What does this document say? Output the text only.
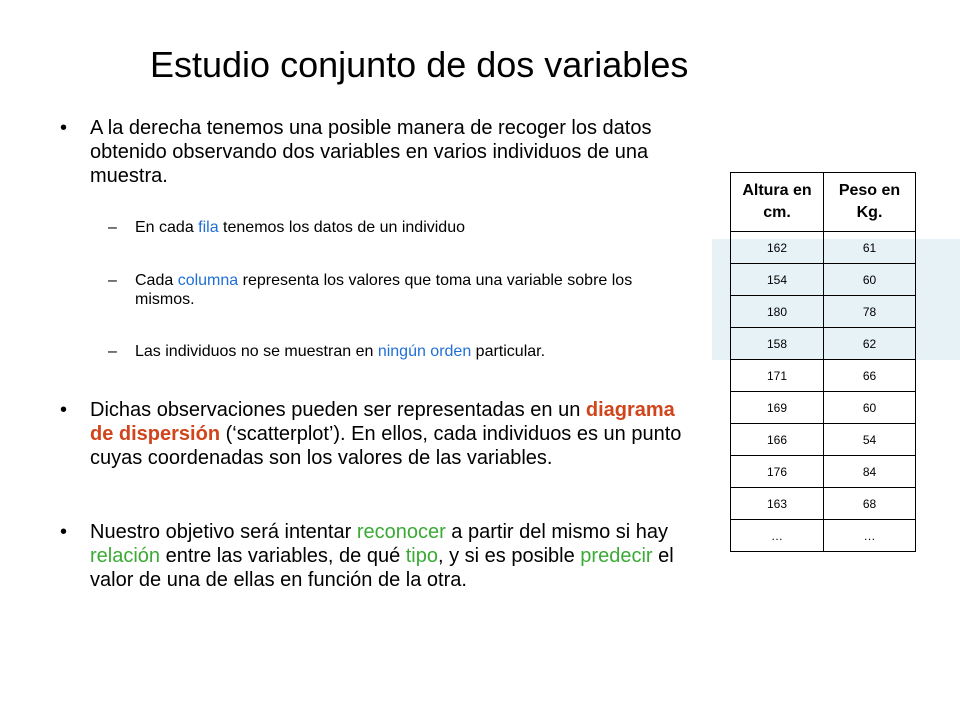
Estudio conjunto de dos variables
• A la derecha tenemos una posible manera de recoger los datos obtenido observando dos variables en varios individuos de una muestra.
– En cada fila tenemos los datos de un individuo
– Cada columna representa los valores que toma una variable sobre los mismos.
– Las individuos no se muestran en ningún orden particular.
• Dichas observaciones pueden ser representadas en un diagrama de dispersión (‘scatterplot’). En ellos, cada individuos es un punto cuyas coordenadas son los valores de las variables.
• Nuestro objetivo será intentar reconocer a partir del mismo si hay relación entre las variables, de qué tipo, y si es posible predecir el valor de una de ellas en función de la otra.
Altura en cm.	Peso en Kg.
162	61
154	60
180	78
158	62
171	66
169	60
166	54
176	84
163	68
…	…
